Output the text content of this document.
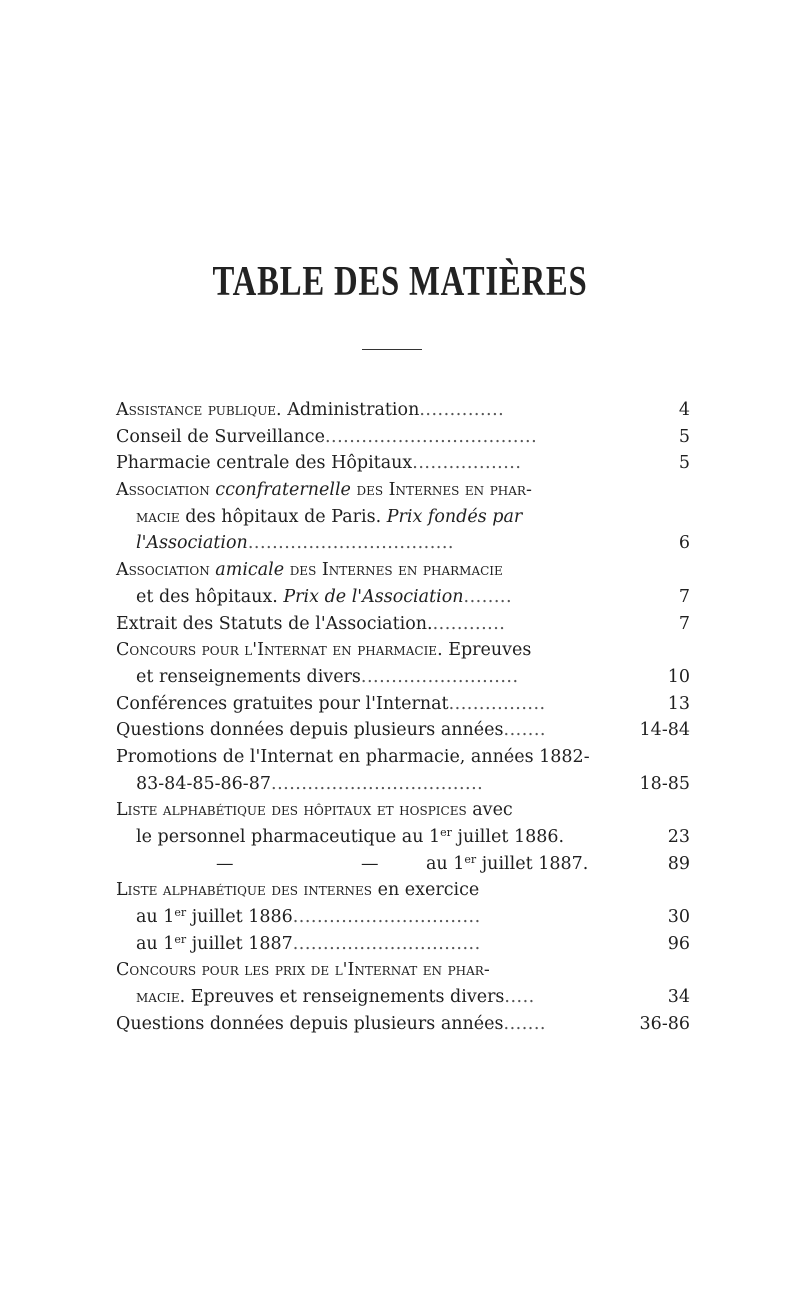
TABLE DES MATIÈRES
Assistance publique. Administration..............	4
Conseil de Surveillance...................................	5
Pharmacie centrale des Hôpitaux..................	5
Association cconfraternelle des Internes en phar-
macie des hôpitaux de Paris. Prix fondés par
l'Association..................................	6
Association amicale des Internes en pharmacie
et des hôpitaux. Prix de l'Association........	7
Extrait des Statuts de l'Association.............	7
Concours pour l'Internat en pharmacie. Epreuves
et renseignements divers..........................	10
Conférences gratuites pour l'Internat................	13
Questions données depuis plusieurs années.......	14-84
Promotions de l'Internat en pharmacie, années 1882-
83-84-85-86-87...................................	18-85
Liste alphabétique des hôpitaux et hospices avec
le personnel pharmaceutique au 1er juillet 1886.	23
—	—	au 1er juillet 1887.	89
Liste alphabétique des internes en exercice
au 1er juillet 1886...............................	30
au 1er juillet 1887...............................	96
Concours pour les prix de l'Internat en phar-
macie. Epreuves et renseignements divers.....	34
Questions données depuis plusieurs années.......	36-86
